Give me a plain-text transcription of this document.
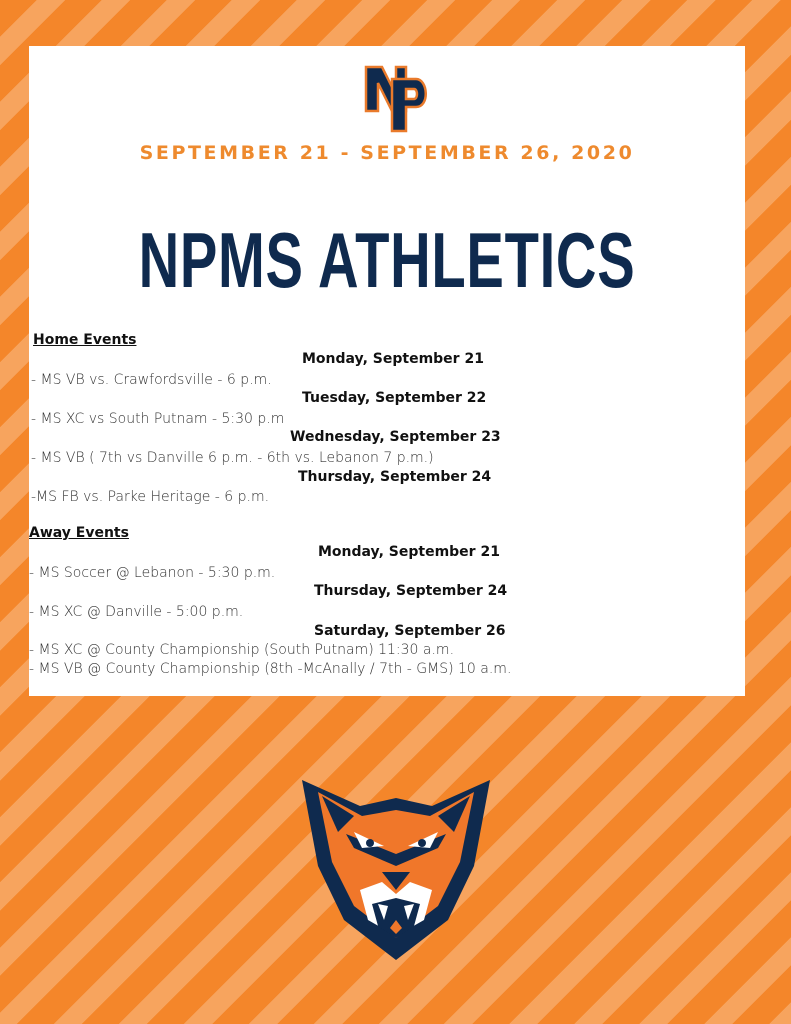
SEPTEMBER 21 - SEPTEMBER 26, 2020
NPMS ATHLETICS
Home Events
Monday, September 21
- MS VB vs. Crawfordsville - 6 p.m.
Tuesday, September 22
- MS XC vs South Putnam - 5:30 p.m
Wednesday, September 23
- MS VB ( 7th vs Danville 6 p.m. - 6th vs. Lebanon 7 p.m.)
Thursday, September 24
-MS FB vs. Parke Heritage - 6 p.m.
Away Events
Monday, September 21
- MS Soccer @ Lebanon - 5:30 p.m.
Thursday, September 24
- MS XC @ Danville - 5:00 p.m.
Saturday, September 26
- MS XC @ County Championship (South Putnam) 11:30 a.m.
- MS VB @ County Championship (8th -McAnally / 7th - GMS) 10 a.m.
